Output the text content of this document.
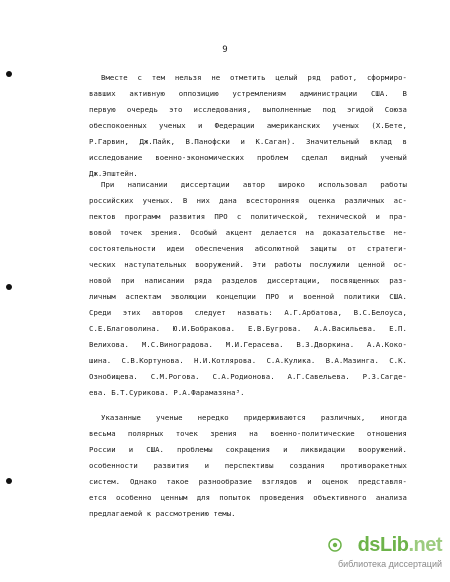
9
Вместе с тем нельзя не отметить целый ряд работ, сформиро-
вавших активную оппозицию устремлениям администрации США. В
первую очередь это исследования, выполненные под эгидой Союза
обеспокоенных ученых и Федерации американских ученых (Х.Бете,
Р.Гарвин, Дж.Пайк, В.Панофски и К.Саган). Значительный вклад в
исследование военно-экономических проблем сделал видный ученый
Дж.Эпштейн.
При написании диссертации автор широко использовал работы
российских ученых. В них дана всесторонняя оценка различных ас-
пектов программ развития ПРО с политической, технической и пра-
вовой точек зрения. Особый акцент делается на доказательстве не-
состоятельности идеи обеспечения абсолютной защиты от стратеги-
ческих наступательных вооружений. Эти работы послужили ценной ос-
новой при написании ряда разделов диссертации, посвященных раз-
личным аспектам эволюции концепции ПРО и военной политики США.
Среди этих авторов следует назвать: А.Г.Арбатова, В.С.Белоуса,
С.Е.Благоволина. Ю.И.Бобракова. Е.В.Бугрова. А.А.Васильева. Е.П.
Велихова. М.С.Виноградова. М.И.Герасева. В.З.Дворкина. А.А.Коко-
шина. С.В.Кортунова. Н.И.Котлярова. С.А.Кулика. В.А.Мазинга. С.К.
Ознобищева. С.М.Рогова. С.А.Родионова. А.Г.Савельева. Р.З.Сагде-
ева. Б.Т.Сурикова. Р.А.Фарамазяна³.
Указанные ученые нередко придерживаются различных, иногда
весьма полярных точек зрения на военно-политические отношения
России и США. проблемы сокращения и ликвидации вооружений.
особенности развития и перспективы создания противоракетных
систем. Однако такое разнообразие взглядов и оценок представля-
ется особенно ценным для попыток проведения объективного анализа
предлагаемой к рассмотрению темы.
dsLib.net
библиотека диссертаций
